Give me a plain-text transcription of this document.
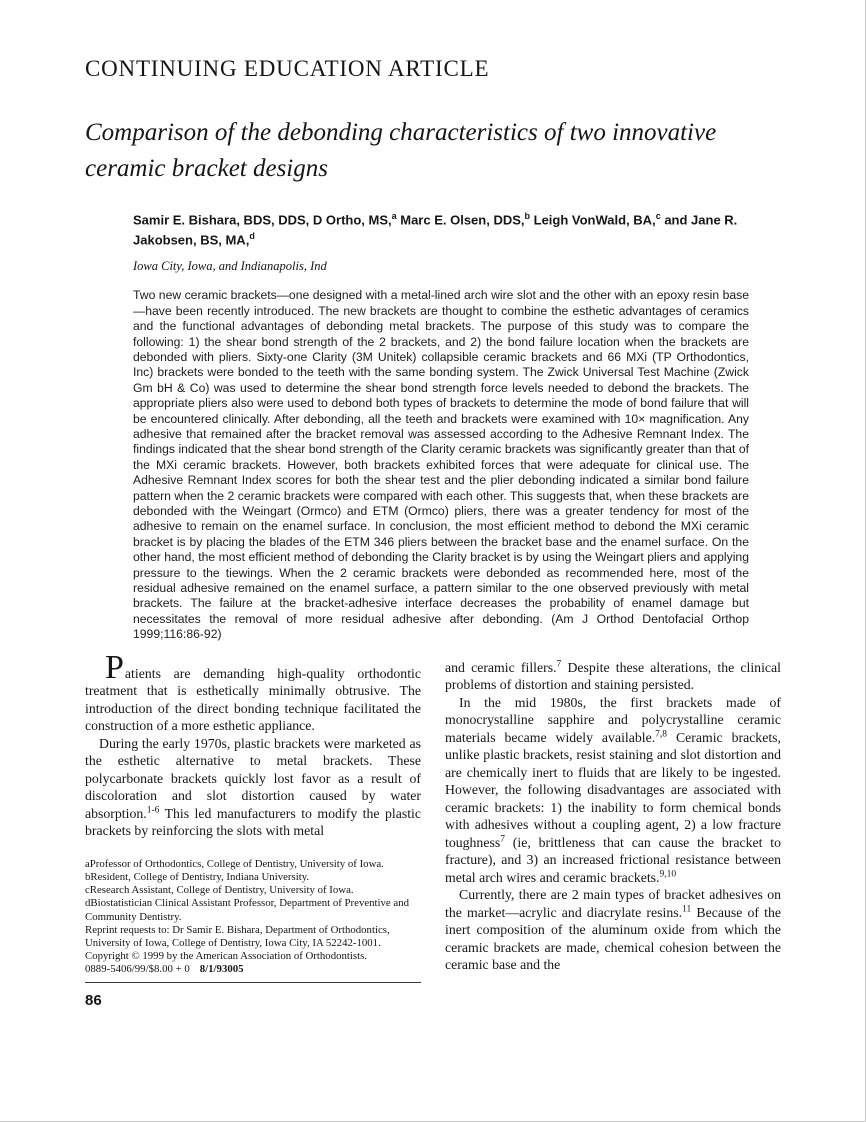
CONTINUING EDUCATION ARTICLE
Comparison of the debonding characteristics of two innovative ceramic bracket designs

Samir E. Bishara, BDS, DDS, D Ortho, MS,$^a$ Marc E. Olsen, DDS,$^b$ Leigh VonWald, BA,$^c$ and Jane R. Jakobsen, BS, MA,$^d$

Iowa City, Iowa, and Indianapolis, Ind

Two new ceramic brackets—one designed with a metal-lined arch wire slot and the other with an epoxy resin base—have been recently introduced. The new brackets are thought to combine the esthetic advantages of ceramics and the functional advantages of debonding metal brackets. The purpose of this study was to compare the following: 1) the shear bond strength of the 2 brackets, and 2) the bond failure location when the brackets are debonded with pliers. Sixty-one Clarity (3M Unitek) collapsible ceramic brackets and 66 MXi (TP Orthodontics, Inc) brackets were bonded to the teeth with the same bonding system. The Zwick Universal Test Machine (Zwick Gm bH & Co) was used to determine the shear bond strength force levels needed to debond the brackets. The appropriate pliers also were used to debond both types of brackets to determine the mode of bond failure that will be encountered clinically. After debonding, all the teeth and brackets were examined with 10× magnification. Any adhesive that remained after the bracket removal was assessed according to the Adhesive Remnant Index. The findings indicated that the shear bond strength of the Clarity ceramic brackets was significantly greater than that of the MXi ceramic brackets. However, both brackets exhibited forces that were adequate for clinical use. The Adhesive Remnant Index scores for both the shear test and the plier debonding indicated a similar bond failure pattern when the 2 ceramic brackets were compared with each other. This suggests that, when these brackets are debonded with the Weingart (Ormco) and ETM (Ormco) pliers, there was a greater tendency for most of the adhesive to remain on the enamel surface. In conclusion, the most efficient method to debond the MXi ceramic bracket is by placing the blades of the ETM 346 pliers between the bracket base and the enamel surface. On the other hand, the most efficient method of debonding the Clarity bracket is by using the Weingart pliers and applying pressure to the tiewings. When the 2 ceramic brackets were debonded as recommended here, most of the residual adhesive remained on the enamel surface, a pattern similar to the one observed previously with metal brackets. The failure at the bracket-adhesive interface decreases the probability of enamel damage but necessitates the removal of more residual adhesive after debonding. (Am J Orthod Dentofacial Orthop 1999;116:86-92)

Patients are demanding high-quality orthodontic treatment that is esthetically minimally obtrusive. The introduction of the direct bonding technique facilitated the construction of a more esthetic appliance.

During the early 1970s, plastic brackets were marketed as the esthetic alternative to metal brackets. These polycarbonate brackets quickly lost favor as a result of discoloration and slot distortion caused by water absorption.$^{1-6}$ This led manufacturers to modify the plastic brackets by reinforcing the slots with metal

aProfessor of Orthodontics, College of Dentistry, University of Iowa.

bResident, College of Dentistry, Indiana University.

cResearch Assistant, College of Dentistry, University of Iowa.

dBiostatistician Clinical Assistant Professor, Department of Preventive and Community Dentistry.

Reprint requests to: Dr Samir E. Bishara, Department of Orthodontics, University of Iowa, College of Dentistry, Iowa City, IA 52242-1001.

Copyright © 1999 by the American Association of Orthodontists.

0889-5406/99/$8.00 + 0 8/1/93005

86

and ceramic fillers.$^7$ Despite these alterations, the clinical problems of distortion and staining persisted.

In the mid 1980s, the first brackets made of monocrystalline sapphire and polycrystalline ceramic materials became widely available.$^{7,8}$ Ceramic brackets, unlike plastic brackets, resist staining and slot distortion and are chemically inert to fluids that are likely to be ingested. However, the following disadvantages are associated with ceramic brackets: 1) the inability to form chemical bonds with adhesives without a coupling agent, 2) a low fracture toughness$^7$ (ie, brittleness that can cause the bracket to fracture), and 3) an increased frictional resistance between metal arch wires and ceramic brackets.$^{9,10}$

Currently, there are 2 main types of bracket adhesives on the market—acrylic and diacrylate resins.$^{11}$ Because of the inert composition of the aluminum oxide from which the ceramic brackets are made, chemical cohesion between the ceramic base and the
